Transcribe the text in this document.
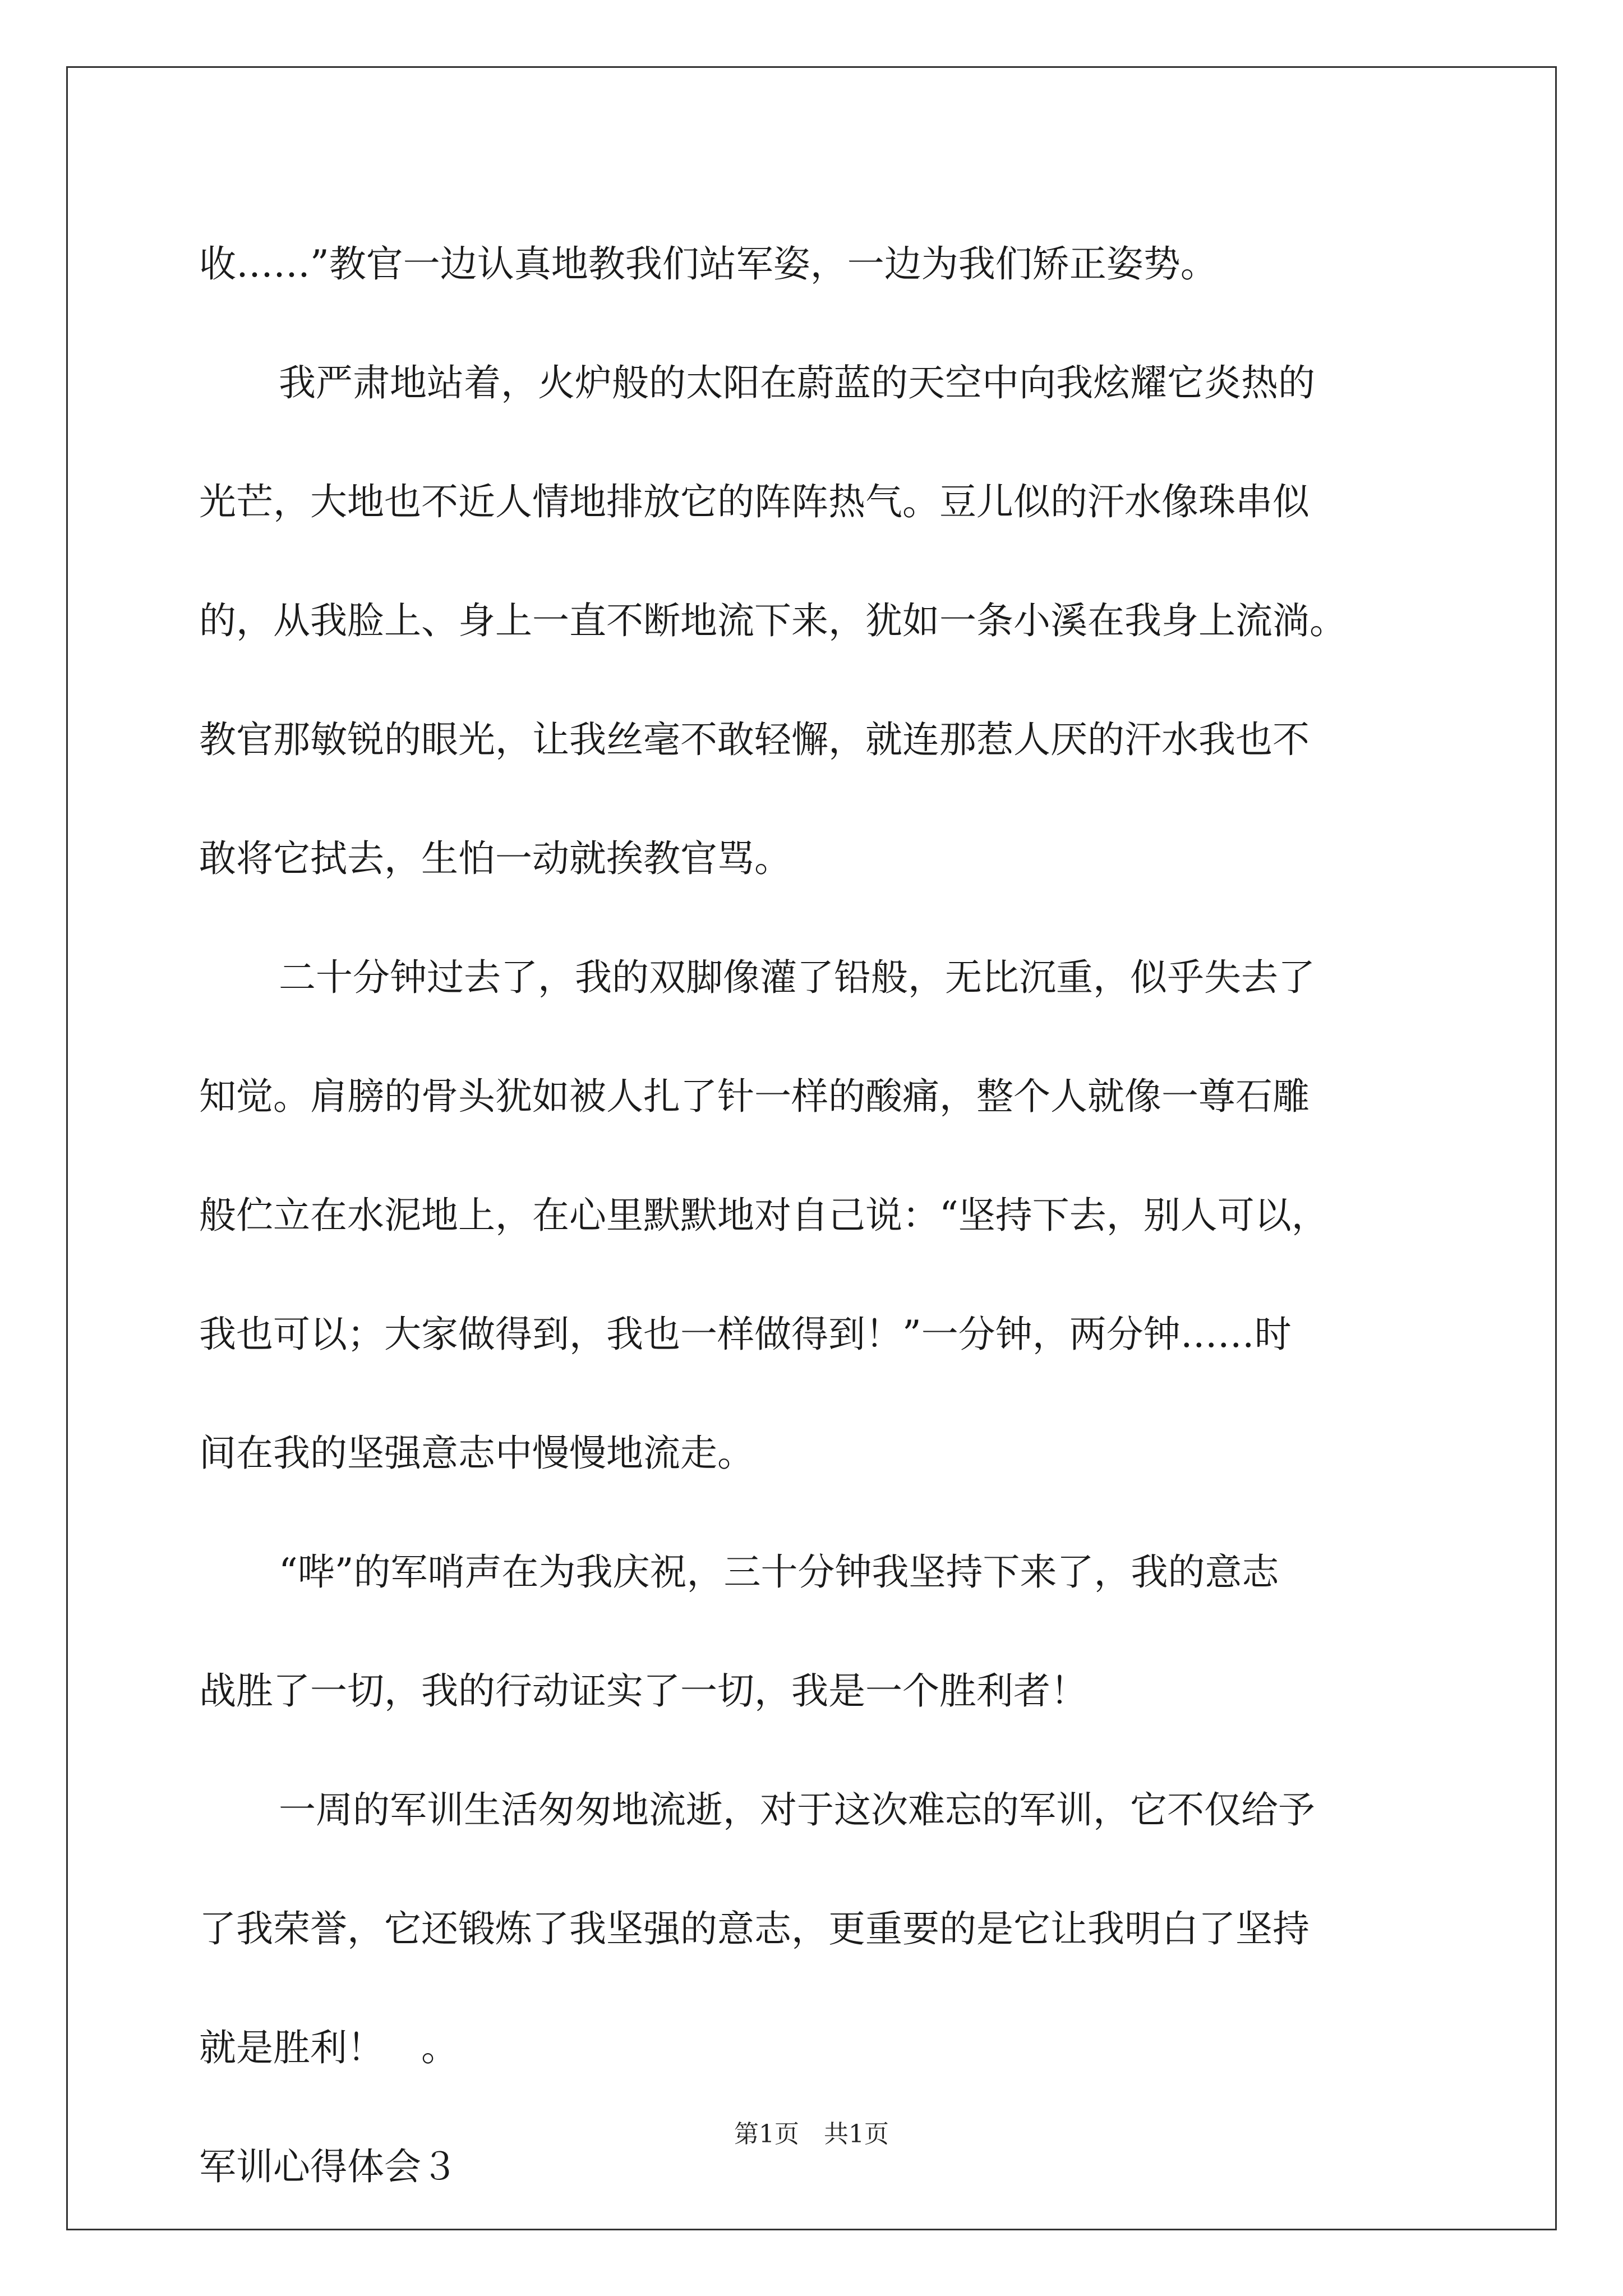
收……”教官一边认真地教我们站军姿，一边为我们矫正姿势。
我严肃地站着，火炉般的太阳在蔚蓝的天空中向我炫耀它炎热的
光芒，大地也不近人情地排放它的阵阵热气。豆儿似的汗水像珠串似
的，从我脸上、身上一直不断地流下来，犹如一条小溪在我身上流淌。
教官那敏锐的眼光，让我丝毫不敢轻懈，就连那惹人厌的汗水我也不
敢将它拭去，生怕一动就挨教官骂。
二十分钟过去了，我的双脚像灌了铅般，无比沉重，似乎失去了
知觉。肩膀的骨头犹如被人扎了针一样的酸痛，整个人就像一尊石雕
般伫立在水泥地上，在心里默默地对自己说：“坚持下去，别人可以，
我也可以；大家做得到，我也一样做得到！”一分钟，两分钟……时
间在我的坚强意志中慢慢地流走。
“哔”的军哨声在为我庆祝，三十分钟我坚持下来了，我的意志
战胜了一切，我的行动证实了一切，我是一个胜利者！
一周的军训生活匆匆地流逝，对于这次难忘的军训，它不仅给予
了我荣誉，它还锻炼了我坚强的意志，更重要的是它让我明白了坚持
就是胜利！　。
军训心得体会３
第1页 共1页
